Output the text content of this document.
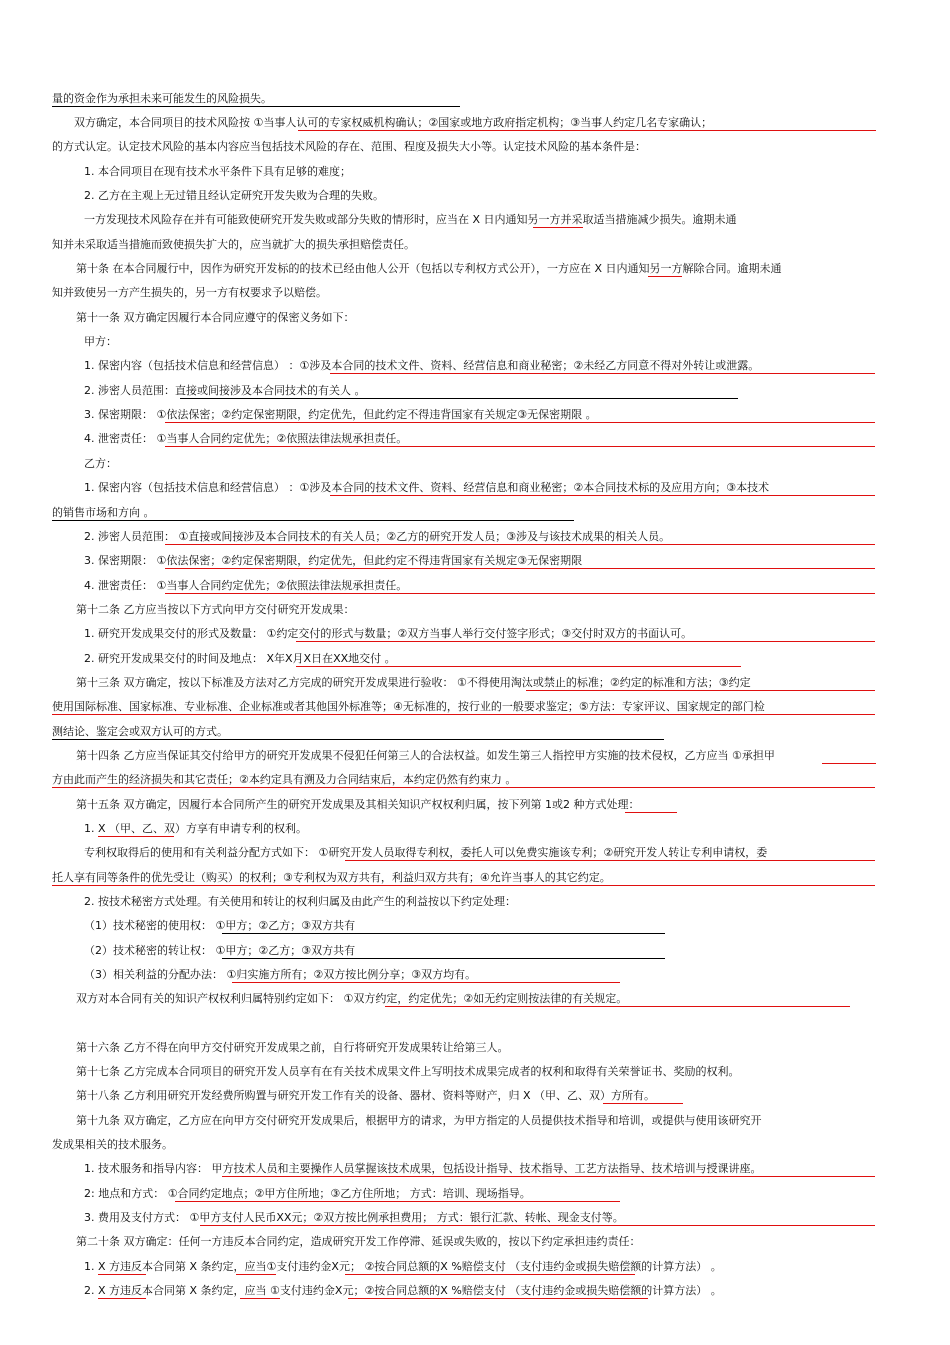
量的资金作为承担未来可能发生的风险损失。
双方确定，本合同项目的技术风险按 ①当事人认可的专家权威机构确认；②国家或地方政府指定机构；③当事人约定几名专家确认；
的方式认定。认定技术风险的基本内容应当包括技术风险的存在、范围、程度及损失大小等。认定技术风险的基本条件是：
1. 本合同项目在现有技术水平条件下具有足够的难度；
2. 乙方在主观上无过错且经认定研究开发失败为合理的失败。
一方发现技术风险存在并有可能致使研究开发失败或部分失败的情形时，应当在 X 日内通知另一方并采取适当措施减少损失。逾期未通
知并未采取适当措施而致使损失扩大的，应当就扩大的损失承担赔偿责任。
第十条 在本合同履行中，因作为研究开发标的的技术已经由他人公开（包括以专利权方式公开），一方应在 X 日内通知另一方解除合同。逾期未通
知并致使另一方产生损失的，另一方有权要求予以赔偿。
第十一条 双方确定因履行本合同应遵守的保密义务如下：
甲方：
1. 保密内容（包括技术信息和经营信息） ：①涉及本合同的技术文件、资料、经营信息和商业秘密；②未经乙方同意不得对外转让或泄露。
2. 涉密人员范围：直接或间接涉及本合同技术的有关人 。
3. 保密期限： ①依法保密；②约定保密期限，约定优先，但此约定不得违背国家有关规定③无保密期限 。
4. 泄密责任： ①当事人合同约定优先；②依照法律法规承担责任。
乙方：
1. 保密内容（包括技术信息和经营信息） ：①涉及本合同的技术文件、资料、经营信息和商业秘密；②本合同技术标的及应用方向；③本技术
的销售市场和方向 。
2. 涉密人员范围： ①直接或间接涉及本合同技术的有关人员；②乙方的研究开发人员；③涉及与该技术成果的相关人员。
3. 保密期限： ①依法保密；②约定保密期限，约定优先，但此约定不得违背国家有关规定③无保密期限
4. 泄密责任： ①当事人合同约定优先；②依照法律法规承担责任。
第十二条 乙方应当按以下方式向甲方交付研究开发成果：
1. 研究开发成果交付的形式及数量： ①约定交付的形式与数量；②双方当事人举行交付签字形式；③交付时双方的书面认可。
2. 研究开发成果交付的时间及地点： X年X月X日在XX地交付 。
第十三条 双方确定，按以下标准及方法对乙方完成的研究开发成果进行验收： ①不得使用淘汰或禁止的标准；②约定的标准和方法；③约定
使用国际标准、国家标准、专业标准、企业标准或者其他国外标准等；④无标准的，按行业的一般要求鉴定；⑤方法：专家评议、国家规定的部门检
测结论、鉴定会或双方认可的方式。
第十四条 乙方应当保证其交付给甲方的研究开发成果不侵犯任何第三人的合法权益。如发生第三人指控甲方实施的技术侵权，乙方应当 ①承担甲
方由此而产生的经济损失和其它责任；②本约定具有溯及力合同结束后，本约定仍然有约束力 。
第十五条 双方确定，因履行本合同所产生的研究开发成果及其相关知识产权权利归属，按下列第 1或2 种方式处理：
1. X （甲、乙、双）方享有申请专利的权利。
专利权取得后的使用和有关利益分配方式如下： ①研究开发人员取得专利权，委托人可以免费实施该专利；②研究开发人转让专利申请权，委
托人享有同等条件的优先受让（购买）的权利；③专利权为双方共有，利益归双方共有；④允许当事人的其它约定。
2. 按技术秘密方式处理。有关使用和转让的权利归属及由此产生的利益按以下约定处理：
（1）技术秘密的使用权： ①甲方；②乙方；③双方共有
（2）技术秘密的转让权： ①甲方；②乙方；③双方共有
（3）相关利益的分配办法： ①归实施方所有；②双方按比例分享；③双方均有。
双方对本合同有关的知识产权权利归属特别约定如下： ①双方约定，约定优先；②如无约定则按法律的有关规定。
第十六条 乙方不得在向甲方交付研究开发成果之前，自行将研究开发成果转让给第三人。
第十七条 乙方完成本合同项目的研究开发人员享有在有关技术成果文件上写明技术成果完成者的权利和取得有关荣誉证书、奖励的权利。
第十八条 乙方利用研究开发经费所购置与研究开发工作有关的设备、器材、资料等财产，归 X （甲、乙、双）方所有。
第十九条 双方确定，乙方应在向甲方交付研究开发成果后，根据甲方的请求，为甲方指定的人员提供技术指导和培训，或提供与使用该研究开
发成果相关的技术服务。
1. 技术服务和指导内容： 甲方技术人员和主要操作人员掌握该技术成果，包括设计指导、技术指导、工艺方法指导、技术培训与授课讲座。
2: 地点和方式： ①合同约定地点；②甲方住所地；③乙方住所地； 方式：培训、现场指导。
3. 费用及支付方式： ①甲方支付人民币XX元；②双方按比例承担费用； 方式：银行汇款、转帐、现金支付等。
第二十条 双方确定：任何一方违反本合同约定，造成研究开发工作停滞、延误或失败的，按以下约定承担违约责任：
1. X 方违反本合同第 X 条约定，应当①支付违约金X元； ②按合同总额的X %赔偿支付 （支付违约金或损失赔偿额的计算方法） 。
2. X 方违反本合同第 X 条约定，应当 ①支付违约金X元；②按合同总额的X %赔偿支付 （支付违约金或损失赔偿额的计算方法） 。
